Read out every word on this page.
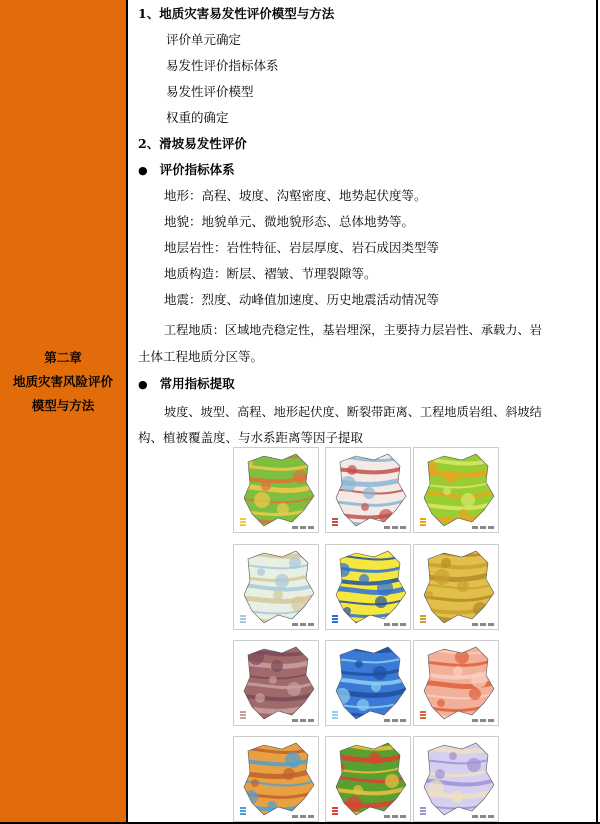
第二章
地质灾害风险评价
模型与方法
1、地质灾害易发性评价模型与方法
评价单元确定
易发性评价指标体系
易发性评价模型
权重的确定
2、滑坡易发性评价
● 评价指标体系
地形：高程、坡度、沟壑密度、地势起伏度等。
地貌：地貌单元、微地貌形态、总体地势等。
地层岩性：岩性特征、岩层厚度、岩石成因类型等
地质构造：断层、褶皱、节理裂隙等。
地震：烈度、动峰值加速度、历史地震活动情况等
工程地质：区域地壳稳定性，基岩埋深，主要持力层岩性、承载力、岩
土体工程地质分区等。
● 常用指标提取
坡度、坡型、高程、地形起伏度、断裂带距离、工程地质岩组、斜坡结
构、植被覆盖度、与水系距离等因子提取
